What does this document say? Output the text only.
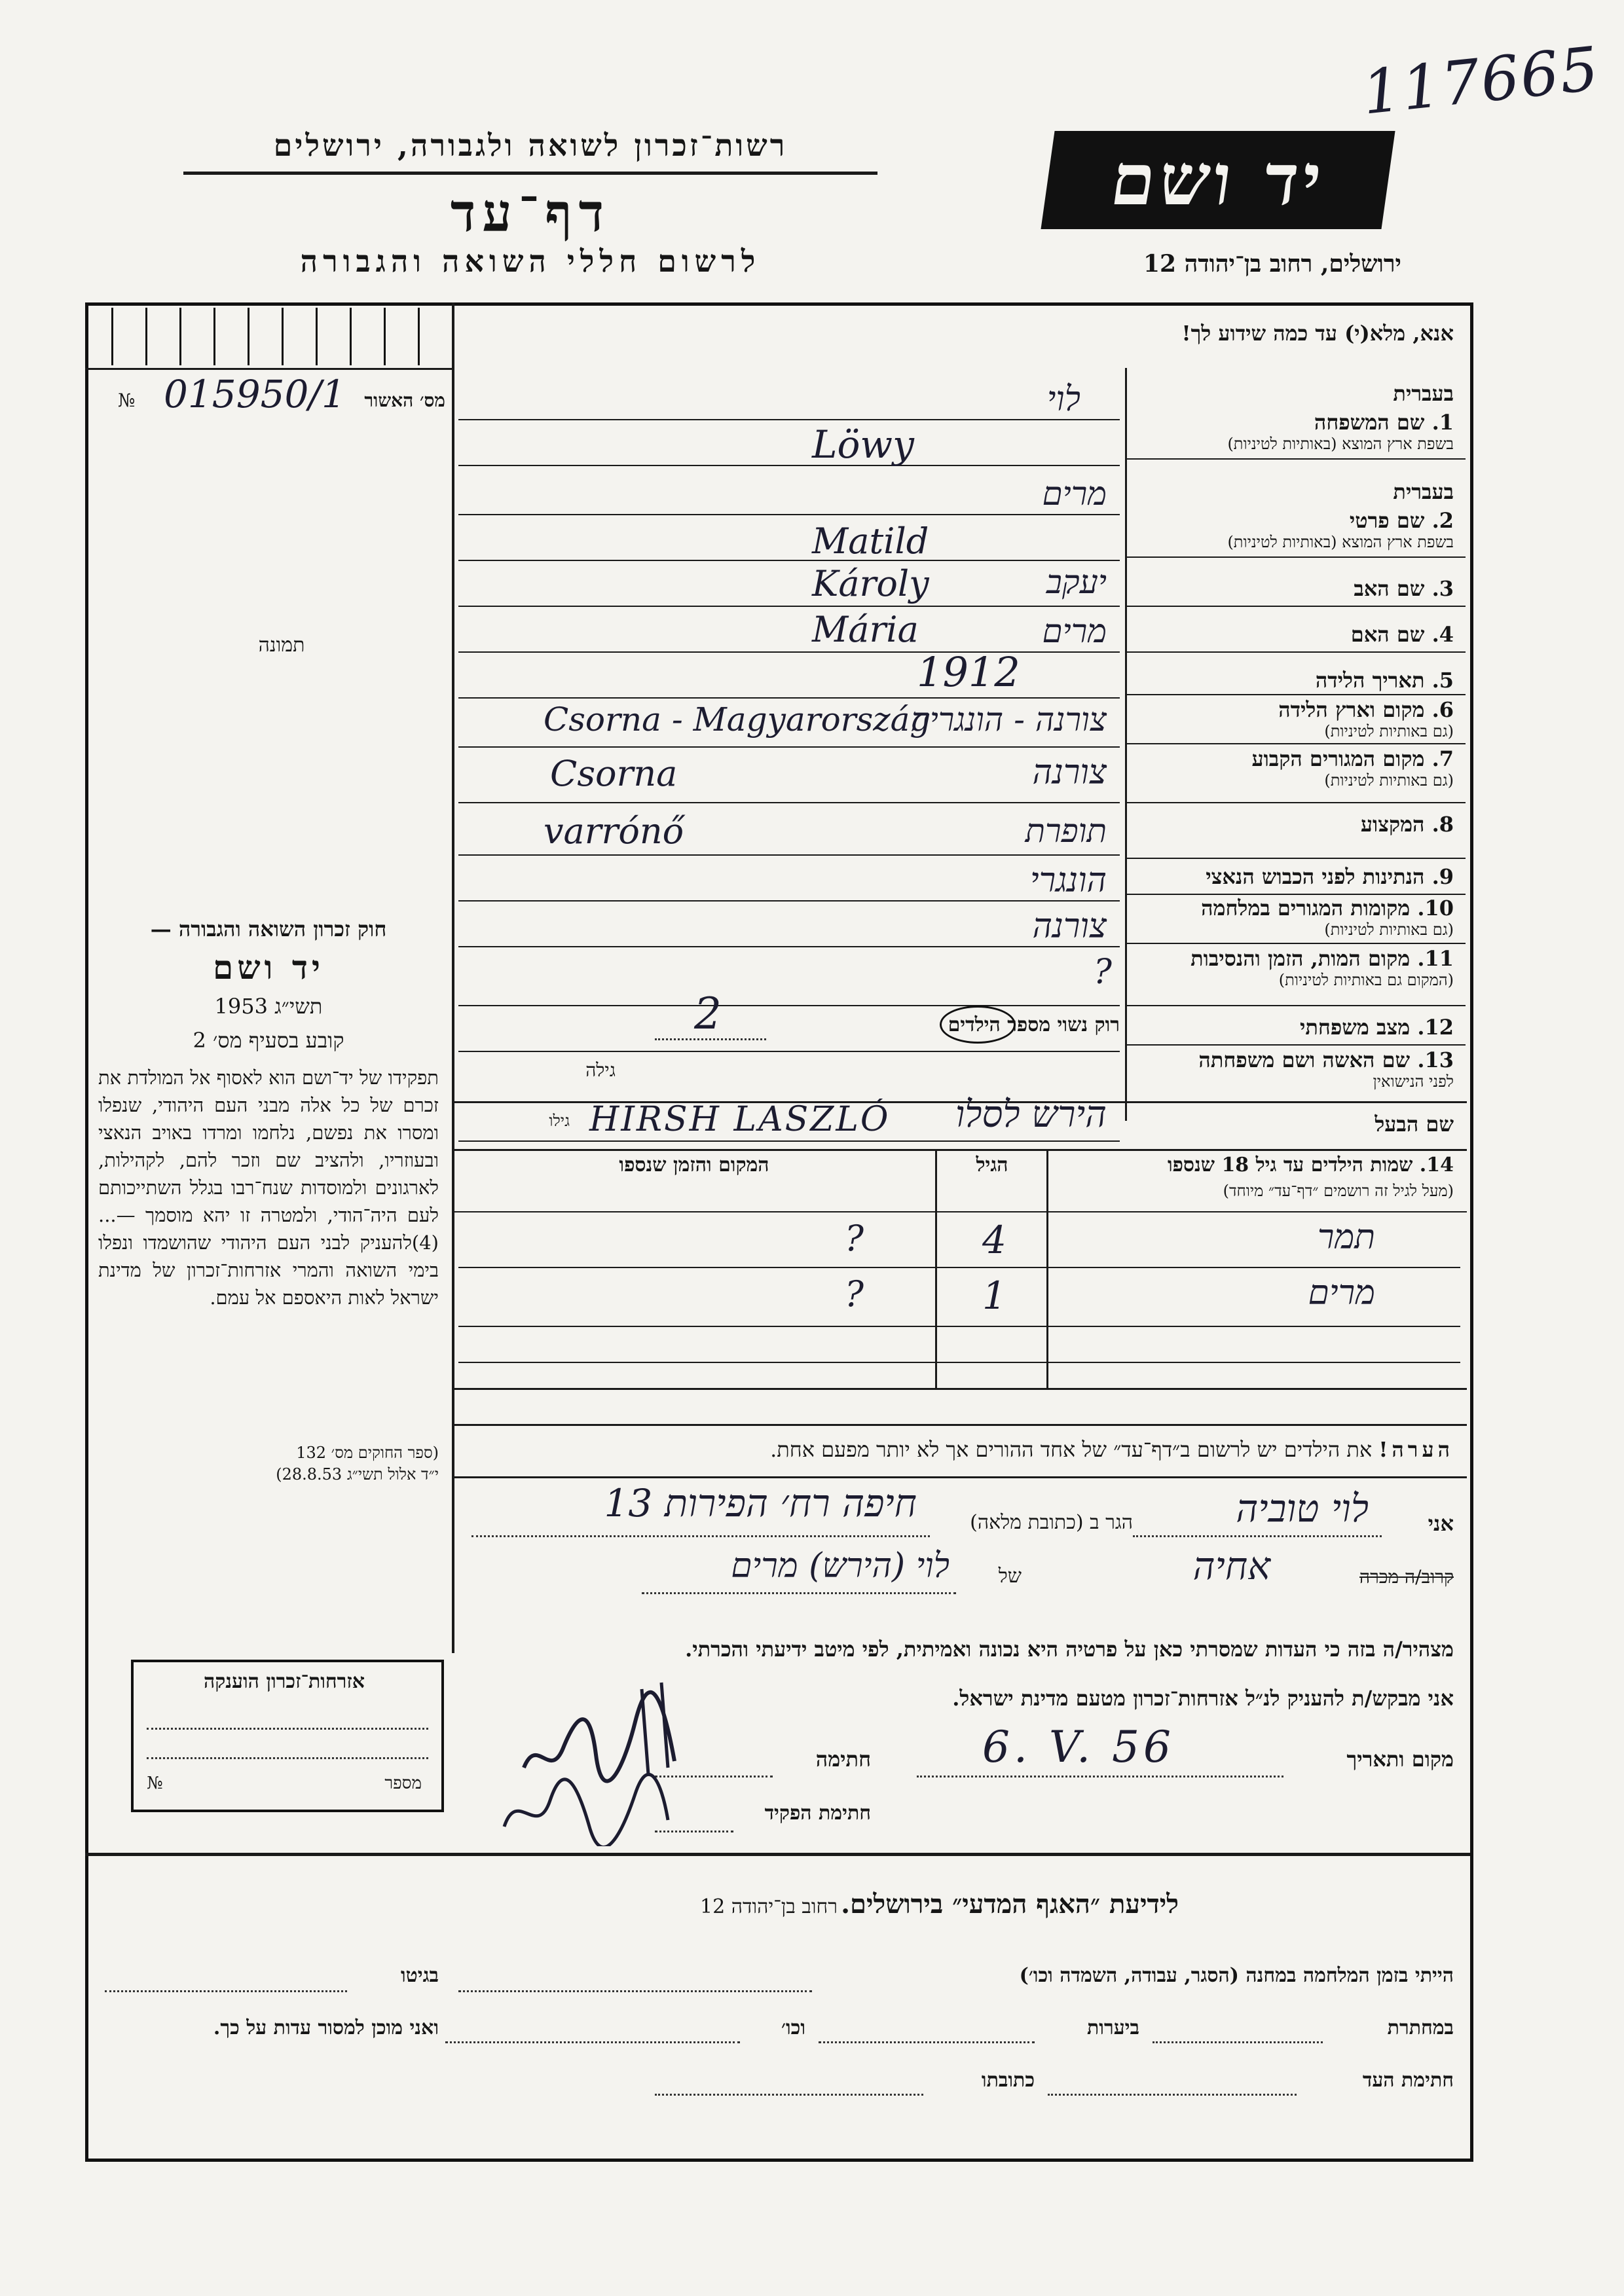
117665
רשות־זכרון לשואה ולגבורה, ירושלים
דף־עד
לרשום חללי השואה והגבורה
יד ושם
ירושלים, רחוב בן־יהודה 12
אנא, מלא(י) עד כמה שידוע לך!
מס׳ האשור
№ 015950/1
תמונה
בעברית
1. שם המשפחה
בשפת ארץ המוצא (באותיות לטיניות)
בעברית
2. שם פרטי
בשפת ארץ המוצא (באותיות לטיניות)
3. שם האב
4. שם האם
5. תאריך הלידה
6. מקום וארץ הלידה
(גם באותיות לטיניות)
7. מקום המגורים הקבוע
(גם באותיות לטיניות)
8. המקצוע
9. הנתינות לפני הכבוש הנאצי
10. מקומות המגורים במלחמה
(גם באותיות לטיניות)
11. מקום המות, הזמן והנסיבות
(המקום גם באותיות לטיניות)
12. מצב משפחתי
13. שם האשה ושם משפחתה
לפני הנישואין
לוי
Löwy
מרים
Matild
יעקב
Károly
מרים
Mária
1912
צורנה - הונגריה
Csorna - Magyarország
צורנה
Csorna
תופרת
varrónő
הונגרי
צורנה
?
רוק נשוי מספר הילדים
2
גילה
שם הבעל
הירש לסלו
גילו HIRSH LASZLÓ
14. שמות הילדים עד גיל 18 שנספו
(מעל לגיל זה רושמים ״דף־עד״ מיוחד)
הגיל
המקום והזמן שנספו
תמר
4
?
מרים
1
?
חוק זכרון השואה והגבורה —
יד ושם
תשי״ג 1953
קובע בסעיף מס׳ 2
תפקידו של יד־ושם הוא לאסוף אל המולדת את זכרם של כל אלה מבני העם היהודי, שנפלו ומסרו את נפשם, נלחמו ומרדו באויב הנאצי ובעוזריו, ולהציב שם וזכר להם, לקהילות, לארגונים ולמוסדות שנח־רבו בגלל השתייכותם לעם היה־הודי, ולמטרה זו יהא מוסמך —... (4)להעניק לבני העם היהודי שהושמדו ונפלו בימי השואה והמרי אזרחות־זכרון של מדינת ישראל לאות היאספם אל עמם.
(ספר החוקים מס׳ 132
י״ד אלול תשי״ג 28.8.53)
הערה! את הילדים יש לרשום ב״דף־עד״ של אחד ההורים אך לא יותר מפעם אחת.
אני
לוי טוביה
הגר ב (כתובת מלאה)
חיפה רח׳ הפירות 13
קרוב/ה מכרה
אחיה
של
לוי (הירש) מרים
מצהיר/ה בזה כי העדות שמסרתי כאן על פרטיה היא נכונה ואמיתית, לפי מיטב ידיעתי והכרתי.
אני מבקש/ת להעניק לנ״ל אזרחות־זכרון מטעם מדינת ישראל.
מקום ותאריך
6. V. 56
חתימה
חתימת הפקיד
אזרחות־זכרון הוענקה
מספר
№
לידיעת ״האגף המדעי״ בירושלים. רחוב בן־יהודה 12
הייתי בזמן המלחמה במחנה (הסגר, עבודה, השמדה וכו׳)
בגיטו
במחתרת
ביערות
וכו׳
ואני מוכן למסור עדות על כך.
חתימת העד
כתובתו
